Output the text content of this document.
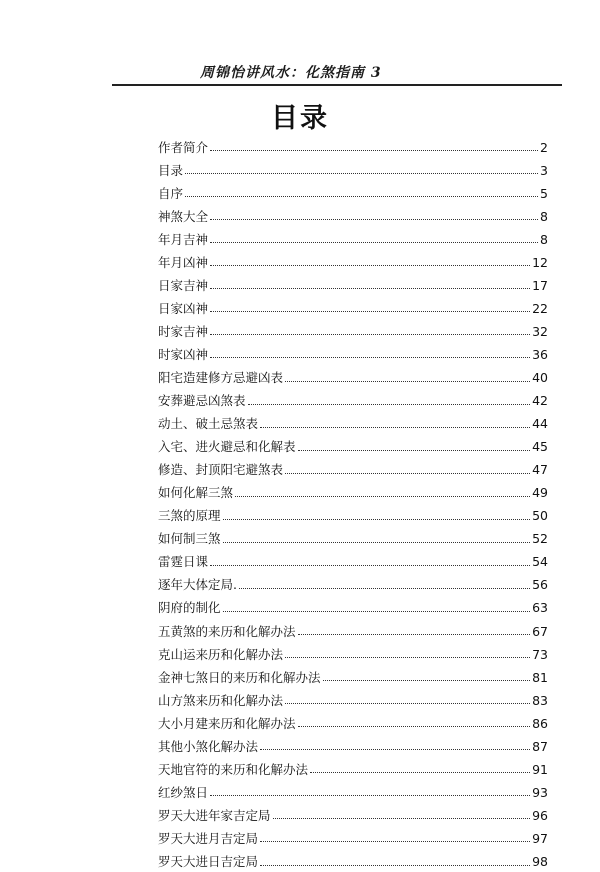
周锦怡讲风水：化煞指南 3
目录
作者简介	2
目录	3
自序	5
神煞大全	8
年月吉神	8
年月凶神	12
日家吉神	17
日家凶神	22
时家吉神	32
时家凶神	36
阳宅造建修方忌避凶表	40
安葬避忌凶煞表	42
动土、破土忌煞表	44
入宅、进火避忌和化解表	45
修造、封顶阳宅避煞表	47
如何化解三煞	49
三煞的原理	50
如何制三煞	52
雷霆日课	54
逐年大体定局.	56
阴府的制化	63
五黄煞的来历和化解办法	67
克山运来历和化解办法	73
金神七煞日的来历和化解办法	81
山方煞来历和化解办法	83
大小月建来历和化解办法	86
其他小煞化解办法	87
天地官符的来历和化解办法	91
红纱煞日	93
罗天大进年家吉定局	96
罗天大进月吉定局	97
罗天大进日吉定局	98
